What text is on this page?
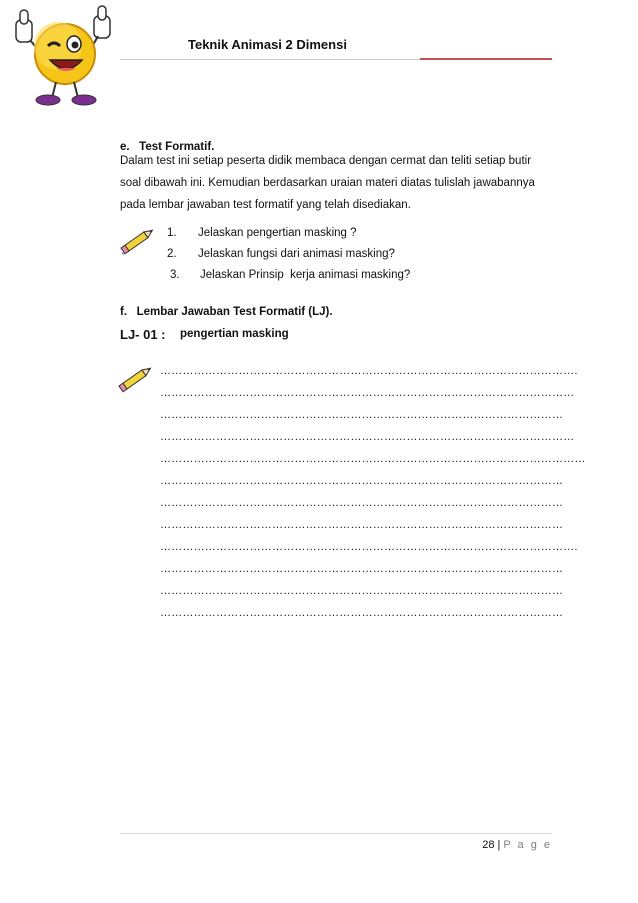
Teknik Animasi 2 Dimensi
e.   Test Formatif.
Dalam test ini setiap peserta didik membaca dengan cermat dan teliti setiap butir
soal dibawah ini. Kemudian berdasarkan uraian materi diatas tulislah jawabannya
pada lembar jawaban test formatif yang telah disediakan.
`
1. Jelaskan pengertian masking ?
2. Jelaskan fungsi dari animasi masking?
3. Jelaskan Prinsip  kerja animasi masking?
f.   Lembar Jawaban Test Formatif (LJ).
LJ- 01 : pengertian masking
………………………………………………………………………………………………….
…………………………………………………………………………………………………
………………………………………………………………………………………………
…………………………………………………………………………………………………
……………………………………………………………………………………………………
………………………………………………………………………………………………
………………………………………………………………………………………………
………………………………………………………………………………………………
………………………………………………………………………………………………….
………………………………………………………………………………………………
………………………………………………………………………………………………
………………………………………………………………………………………………
28 | P a g e
